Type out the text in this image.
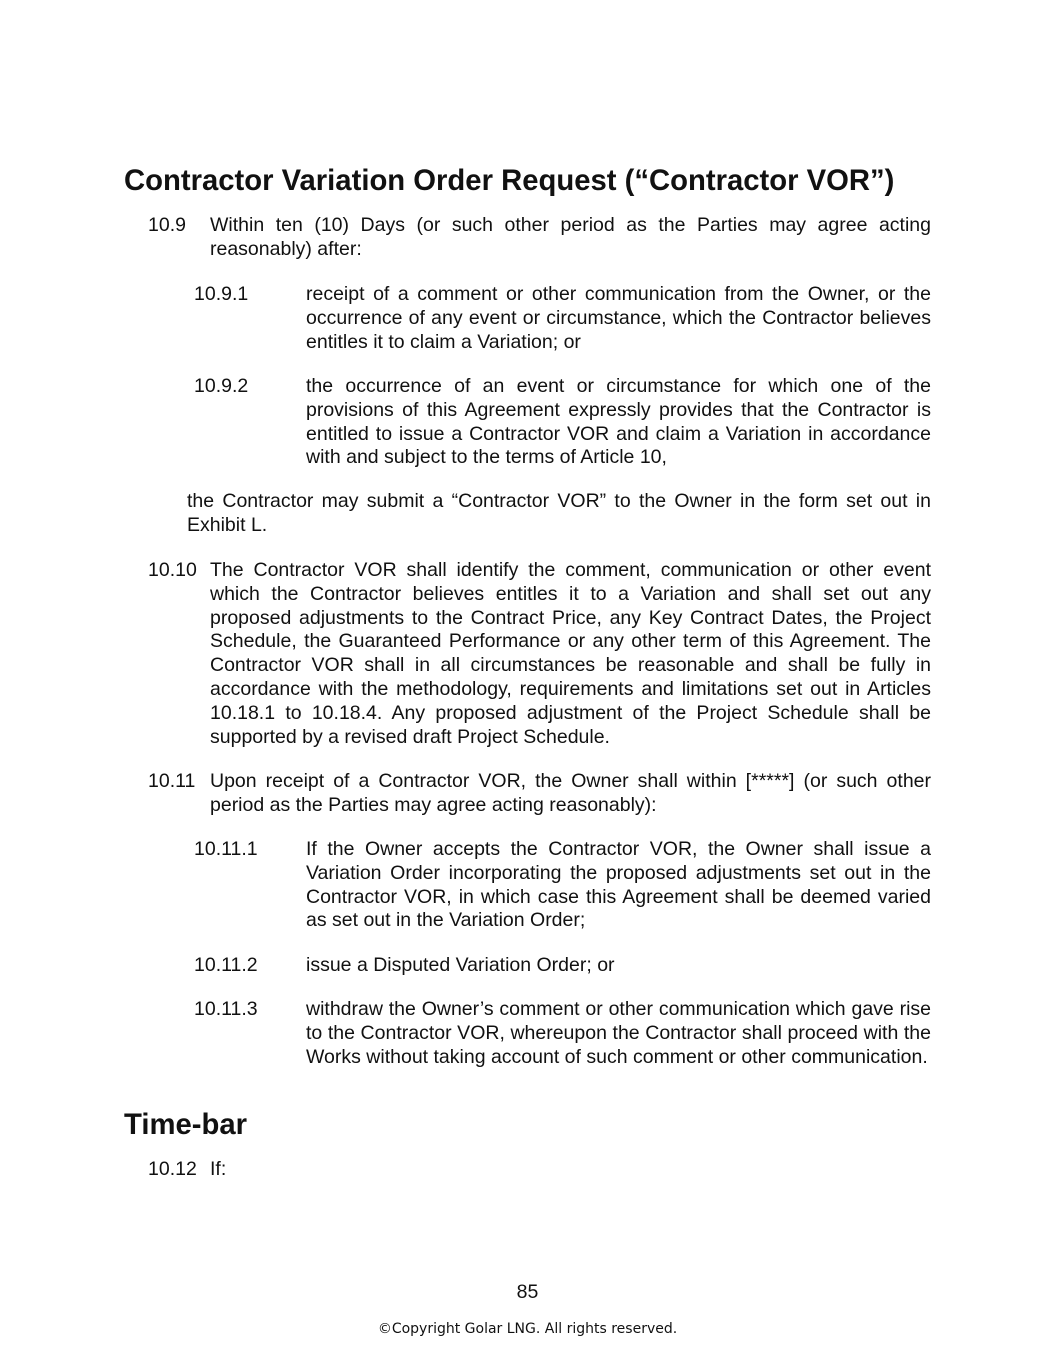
Contractor Variation Order Request (“Contractor VOR”)
10.9 Within ten (10) Days (or such other period as the Parties may agree acting reasonably) after:
10.9.1	receipt of a comment or other communication from the Owner, or the occurrence of any event or circumstance, which the Contractor believes entitles it to claim a Variation; or
10.9.2	the occurrence of an event or circumstance for which one of the provisions of this Agreement expressly provides that the Contractor is entitled to issue a Contractor VOR and claim a Variation in accordance with and subject to the terms of Article 10,
the Contractor may submit a “Contractor VOR” to the Owner in the form set out in Exhibit L.
10.10 The Contractor VOR shall identify the comment, communication or other event which the Contractor believes entitles it to a Variation and shall set out any proposed adjustments to the Contract Price, any Key Contract Dates, the Project Schedule, the Guaranteed Performance or any other term of this Agreement. The Contractor VOR shall in all circumstances be reasonable and shall be fully in accordance with the methodology, requirements and limitations set out in Articles 10.18.1 to 10.18.4. Any proposed adjustment of the Project Schedule shall be supported by a revised draft Project Schedule.
10.11 Upon receipt of a Contractor VOR, the Owner shall within [*****] (or such other period as the Parties may agree acting reasonably):
10.11.1 If the Owner accepts the Contractor VOR, the Owner shall issue a Variation Order incorporating the proposed adjustments set out in the Contractor VOR, in which case this Agreement shall be deemed varied as set out in the Variation Order;
10.11.2 issue a Disputed Variation Order; or
10.11.3 withdraw the Owner’s comment or other communication which gave rise to the Contractor VOR, whereupon the Contractor shall proceed with the Works without taking account of such comment or other communication.
Time-bar
10.12 If:
85
©Copyright Golar LNG. All rights reserved.
